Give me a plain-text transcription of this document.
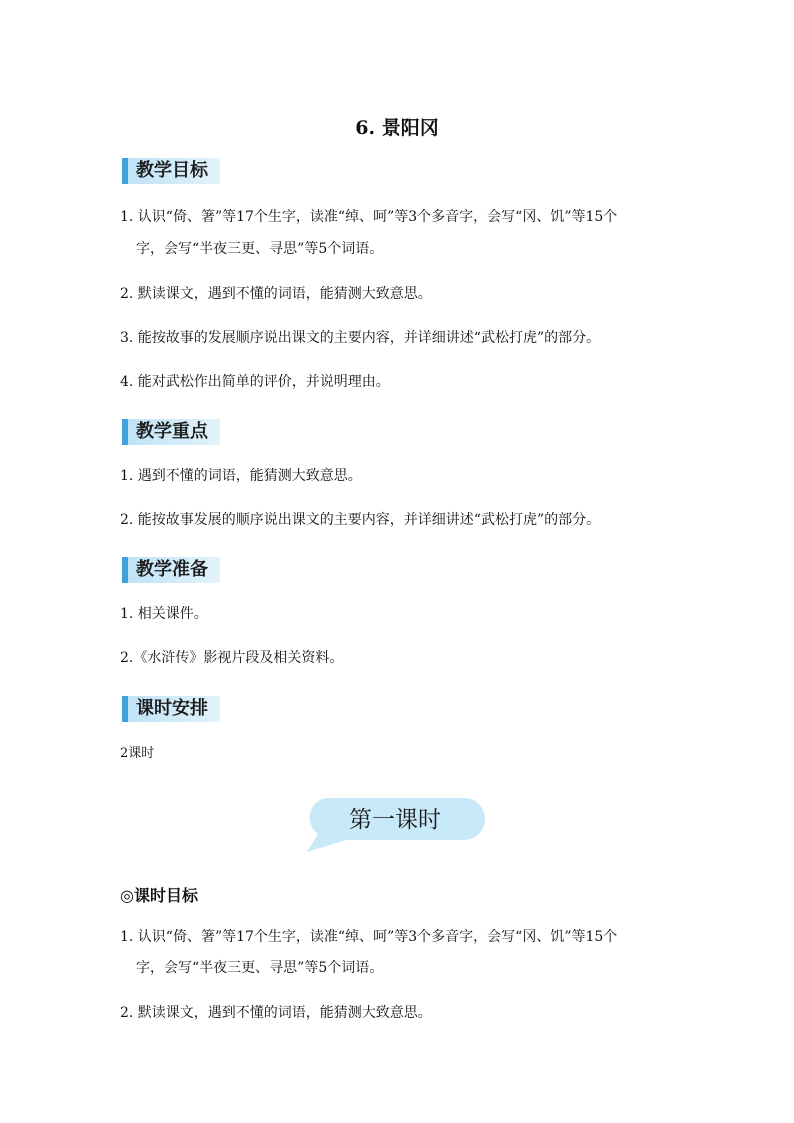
6. 景阳冈
教学目标
1. 认识“倚、箸”等17个生字，读准“绰、呵”等3个多音字，会写“冈、饥”等15个
字，会写“半夜三更、寻思”等5个词语。
2. 默读课文，遇到不懂的词语，能猜测大致意思。
3. 能按故事的发展顺序说出课文的主要内容，并详细讲述“武松打虎”的部分。
4. 能对武松作出简单的评价，并说明理由。
教学重点
1. 遇到不懂的词语，能猜测大致意思。
2. 能按故事发展的顺序说出课文的主要内容，并详细讲述“武松打虎”的部分。
教学准备
1. 相关课件。
2.《水浒传》影视片段及相关资料。
课时安排
2课时
第一课时
◎课时目标
1. 认识“倚、箸”等17个生字，读准“绰、呵”等3个多音字，会写“冈、饥”等15个
字，会写“半夜三更、寻思”等5个词语。
2. 默读课文，遇到不懂的词语，能猜测大致意思。
